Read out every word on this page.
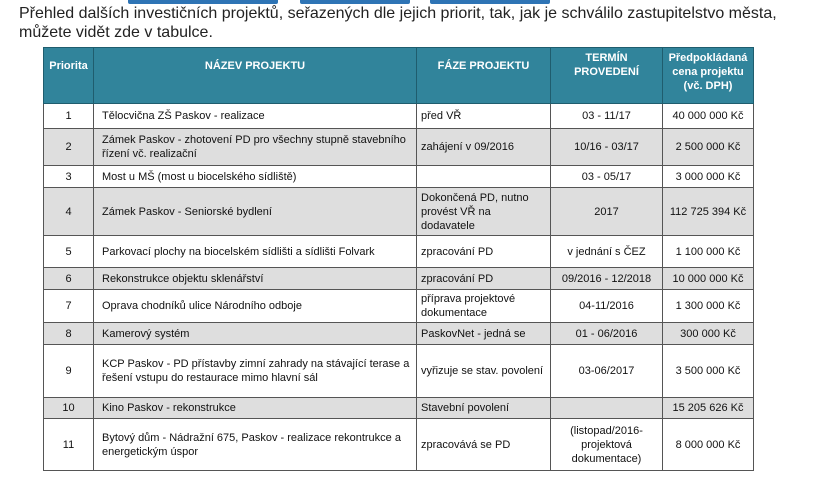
Přehled dalších investičních projektů, seřazených dle jejich priorit, tak, jak je schválilo zastupitelstvo města, můžete vidět zde v tabulce.
Priorita	NÁZEV PROJEKTU	FÁZE PROJEKTU	TERMÍN PROVEDENÍ	Předpokládaná cena projektu (vč. DPH)
1	Tělocvična ZŠ Paskov - realizace	před VŘ	03 - 11/17	40 000 000 Kč
2	Zámek Paskov - zhotovení PD pro všechny stupně stavebního řízení vč. realizační	zahájení v 09/2016	10/16 - 03/17	2 500 000 Kč
3	Most u MŠ (most u biocelského sídliště)		03 - 05/17	3 000 000 Kč
4	Zámek Paskov - Seniorské bydlení	Dokončená PD, nutno provést VŘ na dodavatele	2017	112 725 394 Kč
5	Parkovací plochy na biocelském sídlišti a sídlišti Folvark	zpracování PD	v jednání s ČEZ	1 100 000 Kč
6	Rekonstrukce objektu sklenářství	zpracování PD	09/2016 - 12/2018	10 000 000 Kč
7	Oprava chodníků ulice Národního odboje	příprava projektové dokumentace	04-11/2016	1 300 000 Kč
8	Kamerový systém	PaskovNet - jedná se	01 - 06/2016	300 000 Kč
9	KCP Paskov - PD přístavby zimní zahrady na stávající terase a řešení vstupu do restaurace mimo hlavní sál	vyřizuje se stav. povolení	03-06/2017	3 500 000 Kč
10	Kino Paskov - rekonstrukce	Stavební povolení		15 205 626 Kč
11	Bytový dům - Nádražní 675, Paskov - realizace rekontrukce a energetickým úspor	zpracovává se PD	(listopad/2016-projektová dokumentace)	8 000 000 Kč
